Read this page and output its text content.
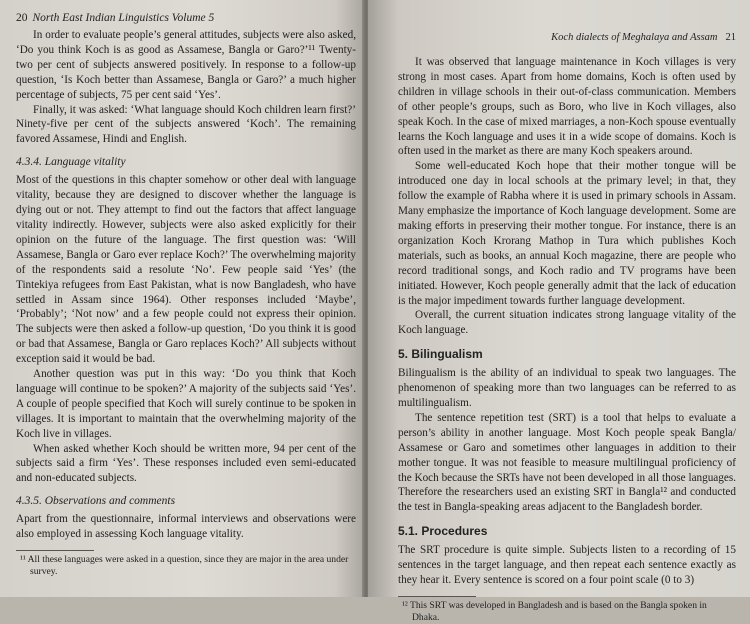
20 North East Indian Linguistics Volume 5

In order to evaluate people’s general attitudes, subjects were also asked, ‘Do you think Koch is as good as Assamese, Bangla or Garo?’¹¹ Twenty-two per cent of subjects answered positively. In response to a follow-up question, ‘Is Koch better than Assamese, Bangla or Garo?’ a much higher percentage of subjects, 75 per cent said ‘Yes’.

Finally, it was asked: ‘What language should Koch children learn first?’ Ninety-five per cent of the subjects answered ‘Koch’. The remaining favored Assamese, Hindi and English.

4.3.4. Language vitality

Most of the questions in this chapter somehow or other deal with language vitality, because they are designed to discover whether the language is dying out or not. They attempt to find out the factors that affect language vitality indirectly. However, subjects were also asked explicitly for their opinion on the future of the language. The first question was: ‘Will Assamese, Bangla or Garo ever replace Koch?’ The overwhelming majority of the respondents said a resolute ‘No’. Few people said ‘Yes’ (the Tintekiya refugees from East Pakistan, what is now Bangladesh, who have settled in Assam since 1964). Other responses included ‘Maybe’, ‘Probably’; ‘Not now’ and a few people could not express their opinion. The subjects were then asked a follow-up question, ‘Do you think it is good or bad that Assamese, Bangla or Garo replaces Koch?’ All subjects without exception said it would be bad.

Another question was put in this way: ‘Do you think that Koch language will continue to be spoken?’ A majority of the subjects said ‘Yes’. A couple of people specified that Koch will surely continue to be spoken in villages. It is important to maintain that the overwhelming majority of the Koch live in villages.

When asked whether Koch should be written more, 94 per cent of the subjects said a firm ‘Yes’. These responses included even semi-educated and non-educated subjects.

4.3.5. Observations and comments

Apart from the questionnaire, informal interviews and observations were also employed in assessing Koch language vitality.

¹¹ All these languages were asked in a question, since they are major in the area under survey.

Koch dialects of Meghalaya and Assam 21

It was observed that language maintenance in Koch villages is very strong in most cases. Apart from home domains, Koch is often used by children in village schools in their out-of-class communication. Members of other people’s groups, such as Boro, who live in Koch villages, also speak Koch. In the case of mixed marriages, a non-Koch spouse eventually learns the Koch language and uses it in a wide scope of domains. Koch is often used in the market as there are many Koch speakers around.

Some well-educated Koch hope that their mother tongue will be introduced one day in local schools at the primary level; in that, they follow the example of Rabha where it is used in primary schools in Assam. Many emphasize the importance of Koch language development. Some are making efforts in preserving their mother tongue. For instance, there is an organization Koch Krorang Mathop in Tura which publishes Koch materials, such as books, an annual Koch magazine, there are people who record traditional songs, and Koch radio and TV programs have been initiated. However, Koch people generally admit that the lack of education is the major impediment towards further language development.

Overall, the current situation indicates strong language vitality of the Koch language.

5. Bilingualism

Bilingualism is the ability of an individual to speak two languages. The phenomenon of speaking more than two languages can be referred to as multilingualism.

The sentence repetition test (SRT) is a tool that helps to evaluate a person’s ability in another language. Most Koch people speak Bangla/ Assamese or Garo and sometimes other languages in addition to their mother tongue. It was not feasible to measure multilingual proficiency of the Koch because the SRTs have not been developed in all those languages. Therefore the researchers used an existing SRT in Bangla¹² and conducted the test in Bangla-speaking areas adjacent to the Bangladesh border.

5.1. Procedures

The SRT procedure is quite simple. Subjects listen to a recording of 15 sentences in the target language, and then repeat each sentence exactly as they hear it. Every sentence is scored on a four point scale (0 to 3)

¹² This SRT was developed in Bangladesh and is based on the Bangla spoken in Dhaka.
